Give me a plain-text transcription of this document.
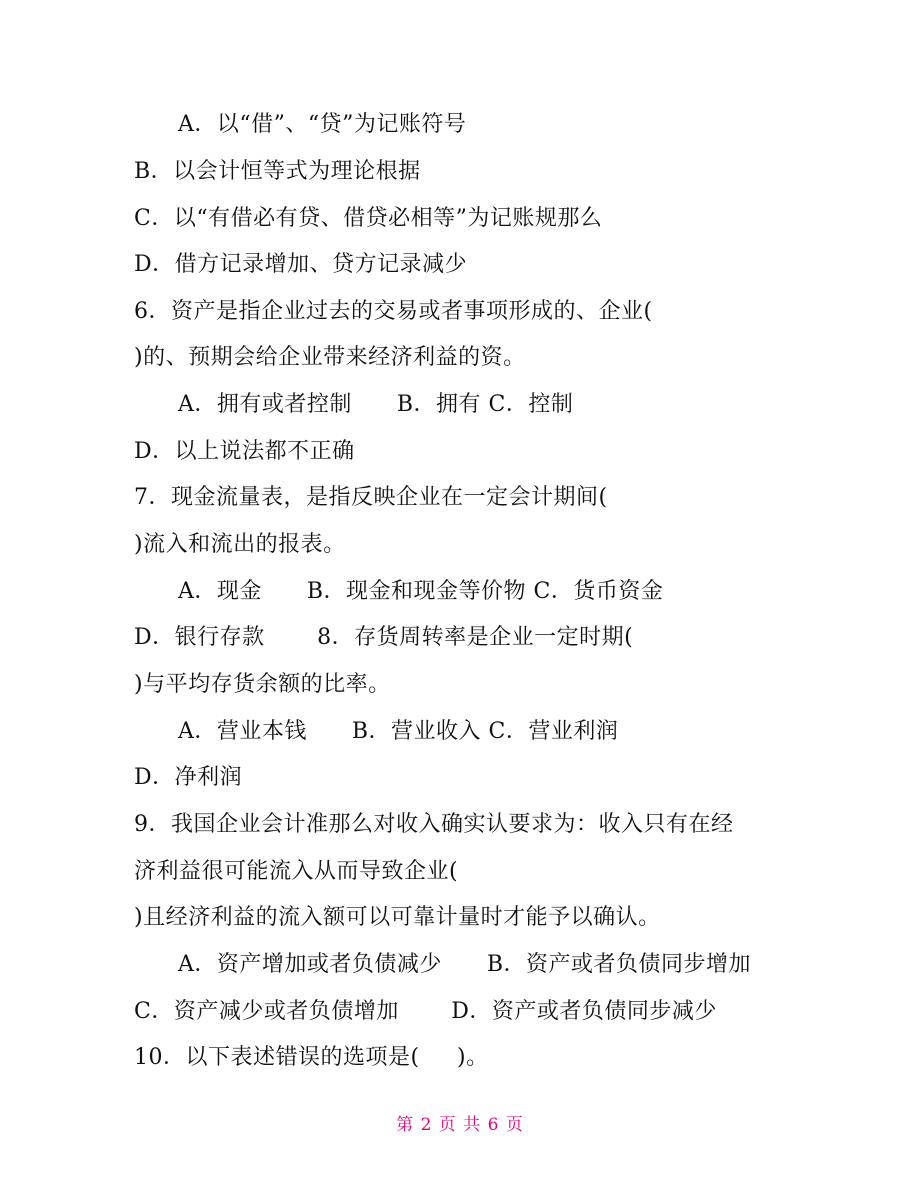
A．以“借”、“贷”为记账符号
B．以会计恒等式为理论根据
C．以“有借必有贷、借贷必相等”为记账规那么
D．借方记录增加、贷方记录减少
6．资产是指企业过去的交易或者事项形成的、企业(
)的、预期会给企业带来经济利益的资。
A．拥有或者控制      B．拥有 C．控制
D．以上说法都不正确
7．现金流量表，是指反映企业在一定会计期间(
)流入和流出的报表。
A．现金      B．现金和现金等价物 C．货币资金
D．银行存款       8．存货周转率是企业一定时期(
)与平均存货余额的比率。
A．营业本钱      B．营业收入 C．营业利润
D．净利润
9．我国企业会计准那么对收入确实认要求为：收入只有在经
济利益很可能流入从而导致企业(
)且经济利益的流入额可以可靠计量时才能予以确认。
A．资产增加或者负债减少      B．资产或者负债同步增加
C．资产减少或者负债增加       D．资产或者负债同步减少
10．以下表述错误的选项是(     )。
第 2 页 共 6 页
